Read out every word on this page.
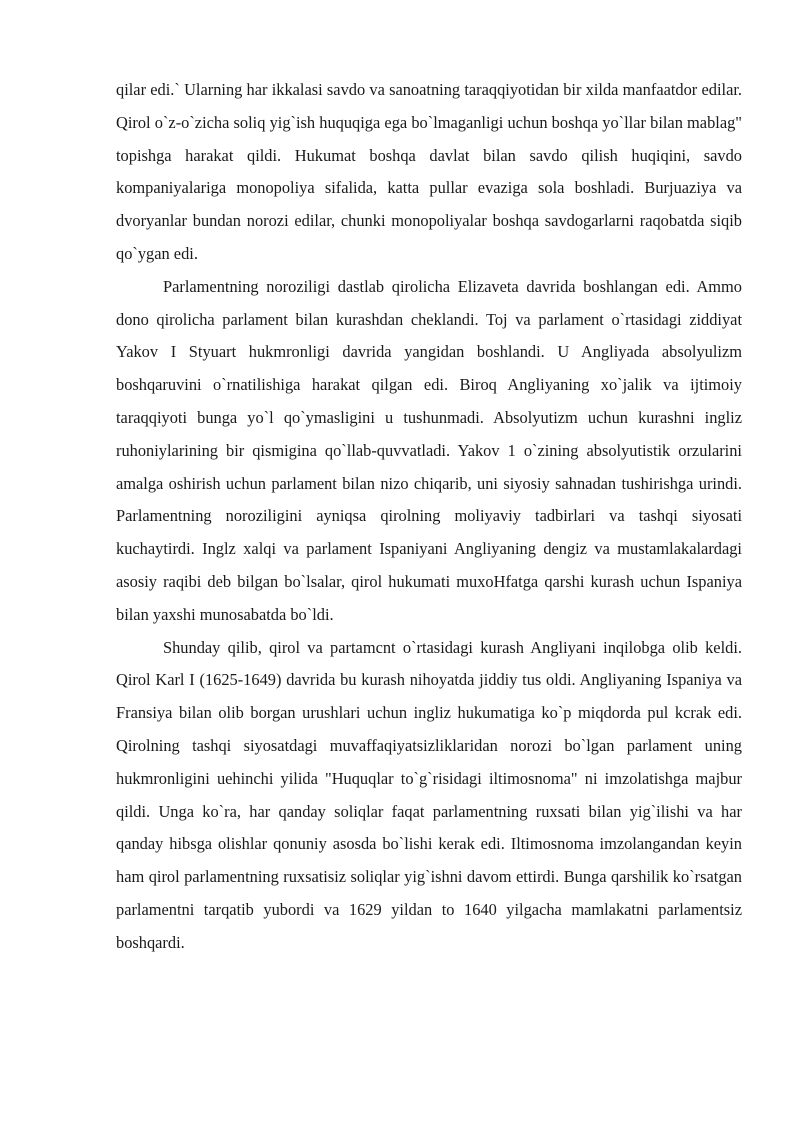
qilar edi.` Ularning har ikkalasi savdo va sanoatning taraqqiyotidan bir xilda manfaatdor edilar. Qirol o`z-o`zicha soliq yig`ish huquqiga ega bo`lmaganligi uchun boshqa yo`llar bilan mablag" topishga harakat qildi. Hukumat boshqa davlat bilan savdo qilish huqiqini, savdo kompaniyalariga monopoliya sifalida, katta pullar evaziga sola boshladi. Burjuaziya va dvoryanlar bundan norozi edilar, chunki monopoliyalar boshqa savdogarlarni raqobatda siqib qo`ygan edi.

Parlamentning noroziligi dastlab qirolicha Elizaveta davrida boshlangan edi. Ammo dono qirolicha parlament bilan kurashdan cheklandi. Toj va parlament o`rtasidagi ziddiyat Yakov I Styuart hukmronligi davrida yangidan boshlandi. U Angliyada absolyulizm boshqaruvini o`rnatilishiga harakat qilgan edi. Biroq Angliyaning xo`jalik va ijtimoiy taraqqiyoti bunga yo`l qo`ymasligini u tushunmadi. Absolyutizm uchun kurashni ingliz ruhoniylarining bir qismigina qo`llab-quvvatladi. Yakov 1 o`zining absolyutistik orzularini amalga oshirish uchun parlament bilan nizo chiqarib, uni siyosiy sahnadan tushirishga urindi. Parlamentning noroziligini ayniqsa qirolning moliyaviy tadbirlari va tashqi siyosati kuchaytirdi. Inglz xalqi va parlament Ispaniyani Angliyaning dengiz va mustamlakalardagi asosiy raqibi deb bilgan bo`lsalar, qirol hukumati muxoHfatga qarshi kurash uchun Ispaniya bilan yaxshi munosabatda bo`ldi.

Shunday qilib, qirol va partamcnt o`rtasidagi kurash Angliyani inqilobga olib keldi. Qirol Karl I (1625-1649) davrida bu kurash nihoyatda jiddiy tus oldi. Angliyaning Ispaniya va Fransiya bilan olib borgan urushlari uchun ingliz hukumatiga ko`p miqdorda pul kcrak edi. Qirolning tashqi siyosatdagi muvaffaqiyatsizliklaridan norozi bo`lgan parlament uning hukmronligini uehinchi yilida "Huquqlar to`g`risidagi iltimosnoma" ni imzolatishga majbur qildi. Unga ko`ra, har qanday soliqlar faqat parlamentning ruxsati bilan yig`ilishi va har qanday hibsga olishlar qonuniy asosda bo`lishi kerak edi. Iltimosnoma imzolangandan keyin ham qirol parlamentning ruxsatisiz soliqlar yig`ishni davom ettirdi. Bunga qarshilik ko`rsatgan parlamentni tarqatib yubordi va 1629 yildan to 1640 yilgacha mamlakatni parlamentsiz boshqardi.
